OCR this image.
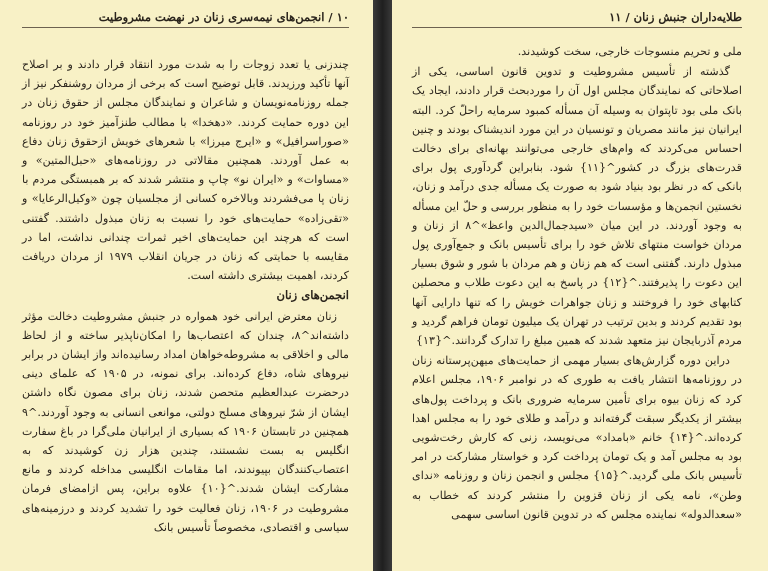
۱۰ / انجمن‌های نیمه‌سری زنان در نهضت مشروطیت

چندزنی یا تعدد زوجات را به شدت مورد انتقاد قرار دادند و بر اصلاح آنها تأکید ورزیدند. قابل توضیح است که برخی از مردان روشنفکر نیز از جمله روزنامه‌نویسان و شاعران و نمایندگان مجلس از حقوق زنان در این دوره حمایت کردند. «دهخدا» با مطالب طنزآمیز خود در روزنامه «صوراسرافیل» و «ایرج میرزا» با شعرهای خویش ازحقوق زنان دفاع به عمل آوردند. همچنین مقالاتی در روزنامه‌های «حبل‌المتین» و «مساوات» و «ایران نو» چاپ و منتشر شدند که بر همبستگی مردم با زنان پا می‌فشردند وبالاخره کسانی از مجلسیان چون «وکیل‌الرعایا» و «تقی‌زاده» حمایت‌های خود را نسبت به زنان مبذول داشتند. گفتنی است که هرچند این حمایت‌های اخیر ثمرات چندانی نداشت، اما در مقایسه با حمایتی که زنان در جریان انقلاب ۱۹۷۹ از مردان دریافت کردند، اهمیت بیشتری داشته است.

انجمن‌های زنان

زنان معترض ایرانی خود همواره در جنبش مشروطیت دخالت مؤثر داشته‌اند^۸، چندان که اعتصاب‌ها را امکان‌ناپذیر ساخته و از لحاظ مالی و اخلاقی به مشروطه‌خواهان امداد رسانیده‌اند واز ایشان در برابر نیروهای شاه، دفاع کرده‌اند. برای نمونه، در ۱۹۰۵ که علمای دینی درحضرت عبدالعظیم متحصن شدند، زنان برای مصون نگاه داشتن ایشان از شرّ نیروهای مسلح دولتی، موانعی انسانی به وجود آوردند.^۹ همچنین در تابستان ۱۹۰۶ که بسیاری از ایرانیان ملی‌گرا در باغ سفارت انگلیس به بست نشستند، چندین هزار زن کوشیدند که به اعتصاب‌کنندگان بپیوندند، اما مقامات انگلیسی مداخله کردند و مانع مشارکت ایشان شدند.^{۱۰} علاوه براین، پس ازامضای فرمان مشروطیت در ۱۹۰۶، زنان فعالیت خود را تشدید کردند و درزمینه‌های سیاسی و اقتصادی، مخصوصاً تأسیس بانک

طلایه‌داران جنبش زنان / ۱۱

ملی و تحریم منسوجات خارجی، سخت کوشیدند.

گذشته از تأسیس مشروطیت و تدوین قانون اساسی، یکی از اصلاحاتی که نمایندگان مجلس اول آن را موردبحث قرار دادند، ایجاد یک بانک ملی بود تاپتوان به وسیله آن مسأله کمبود سرمایه راحلّ کرد. البته ایرانیان نیز مانند مصریان و تونسیان در این مورد اندیشناک بودند و چنین احساس می‌کردند که وام‌های خارجی می‌توانند بهانه‌ای برای دخالت قدرت‌های بزرگ در کشور^{۱۱} شود. بنابراین گردآوری پول برای بانکی که در نظر بود بنیاد شود به صورت یک مسأله جدی درآمد و زنان، نخستین انجمن‌ها و مؤسسات خود را به منظور بررسی و حلّ این مسأله به وجود آوردند. در این میان «سیدجمال‌الدین واعظ»^۸ از زنان و مردان خواست منتهای تلاش خود را برای تأسیس بانک و جمع‌آوری پول مبذول دارند. گفتنی است که هم زنان و هم مردان با شور و شوق بسیار این دعوت را پذیرفتند.^{۱۲} در پاسخ به این دعوت طلاب و محصلین کتابهای خود را فروختند و زنان جواهرات خویش را که تنها دارایی آنها بود تقدیم کردند و بدین ترتیب در تهران یک میلیون تومان فراهم گردید و مردم آذربایجان نیز متعهد شدند که همین مبلغ را تدارک گردانند.^{۱۳}

دراین دوره گزارش‌های بسیار مهمی از حمایت‌های میهن‌پرستانه زنان در روزنامه‌ها انتشار یافت به طوری که در نوامبر ۱۹۰۶، مجلس اعلام کرد که زنان بیوه برای تأمین سرمایه ضروری بانک و پرداخت پول‌های بیشتر از یکدیگر سبقت گرفته‌اند و درآمد و طلای خود را به مجلس اهدا کرده‌اند.^{۱۴} خانم «بامداد» می‌نویسد، زنی که کارش رخت‌شویی بود به مجلس آمد و یک تومان پرداخت کرد و خواستار مشارکت در امر تأسیس بانک ملی گردید.^{۱۵} مجلس و انجمن زنان و روزنامه «ندای وطن»، نامه یکی از زنان قزوین را منتشر کردند که خطاب به «سعدالدوله» نماینده مجلس که در تدوین قانون اساسی سهمی
